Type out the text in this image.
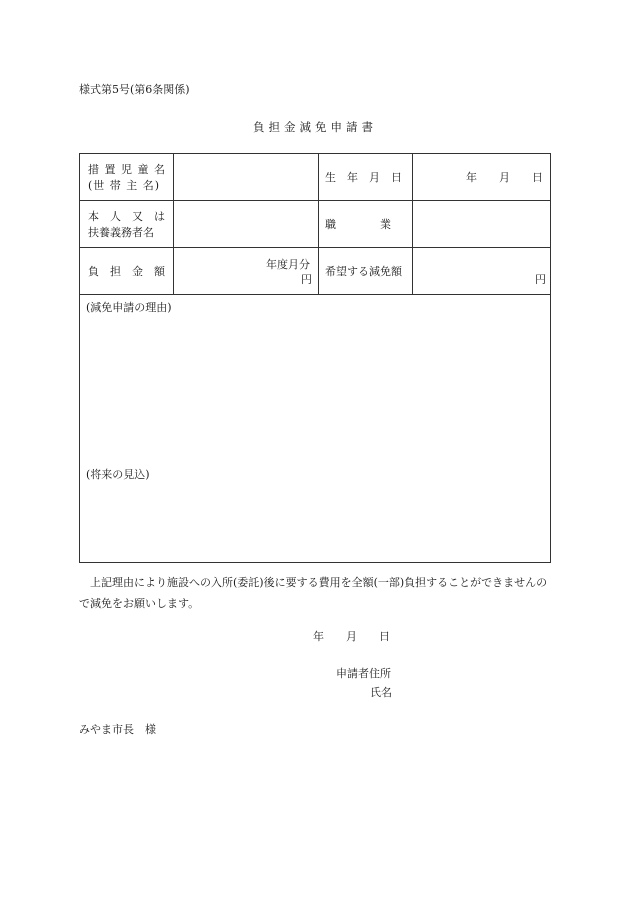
様式第5号(第6条関係)
負担金減免申請書
措 置 児 童 名
(世 帯 主 名)
生　年　月　日	年　　月　　日
本　人　又　は
扶養義務者名
職　　　　業
負　担　金　額
年度月分
円
希望する減免額
円
(減免申請の理由)
(将来の見込)
上記理由により施設への入所(委託)後に要する費用を全額(一部)負担することができませんので減免をお願いします。
年　　月　　日
申請者住所
氏名
みやま市長　様
